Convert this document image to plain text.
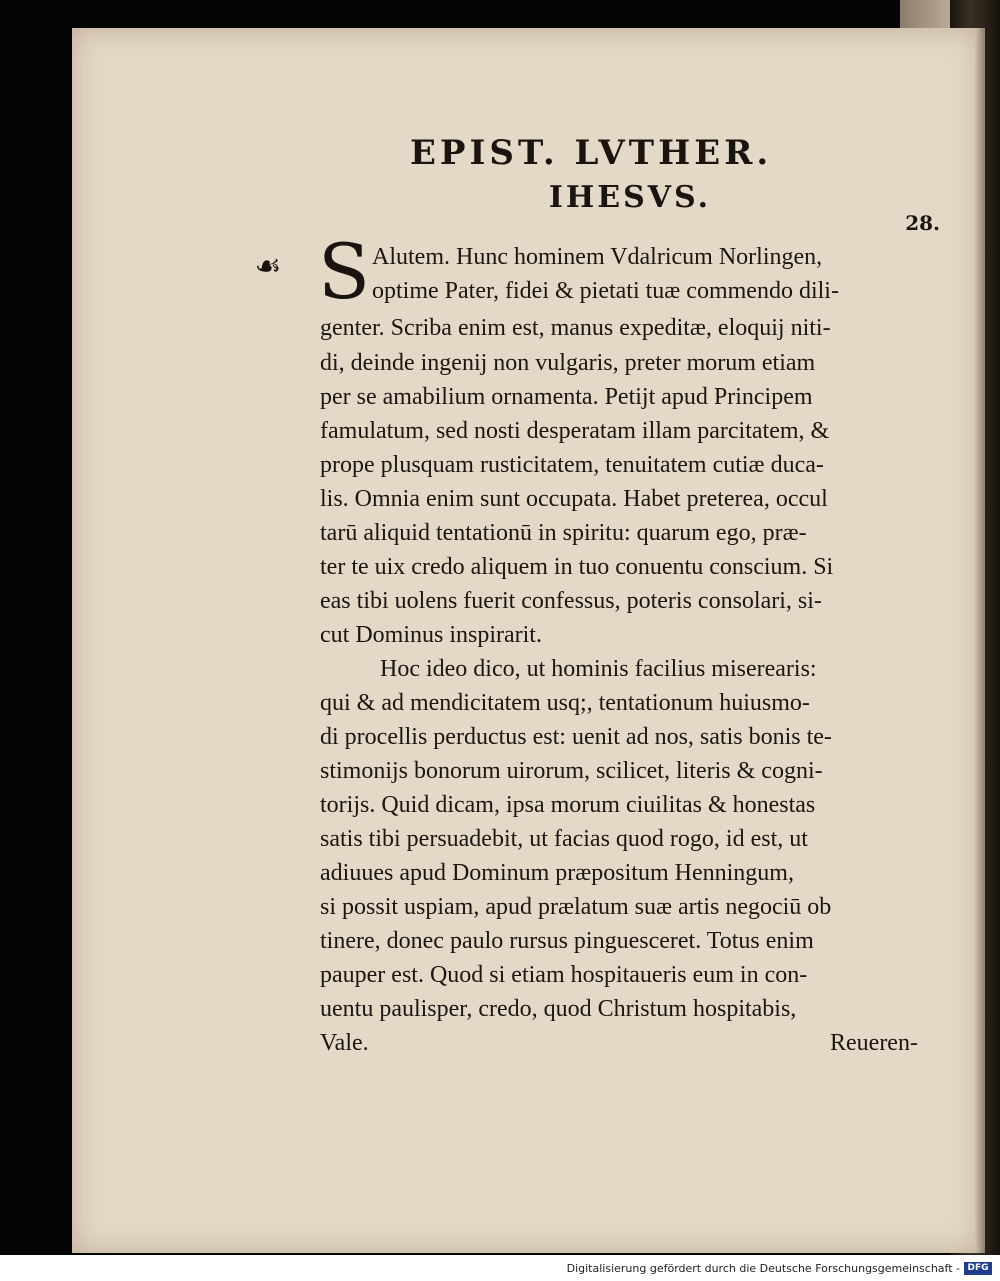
EPIST. LVTHER.
IHESVS.
28.
☙ S Alutem. Hunc hominem Vdalricum Norlingen,
optime Pater, fidei & pietati tuæ commendo dili-
genter. Scriba enim est, manus expeditæ, eloquij niti-
di, deinde ingenij non vulgaris, preter morum etiam
per se amabilium ornamenta. Petijt apud Principem
famulatum, sed nosti desperatam illam parcitatem, &
prope plusquam rusticitatem, tenuitatem cutiæ duca-
lis. Omnia enim sunt occupata. Habet preterea, occul
tarū aliquid tentationū in spiritu: quarum ego, præ-
ter te uix credo aliquem in tuo conuentu conscium. Si
eas tibi uolens fuerit confessus, poteris consolari, si-
cut Dominus inspirarit.
Hoc ideo dico, ut hominis facilius miserearis:
qui & ad mendicitatem usq;, tentationum huiusmo-
di procellis perductus est: uenit ad nos, satis bonis te-
stimonijs bonorum uirorum, scilicet, literis & cogni-
torijs. Quid dicam, ipsa morum ciuilitas & honestas
satis tibi persuadebit, ut facias quod rogo, id est, ut
adiuues apud Dominum præpositum Henningum,
si possit uspiam, apud prælatum suæ artis negociū ob
tinere, donec paulo rursus pinguesceret. Totus enim
pauper est. Quod si etiam hospitaueris eum in con-
uentu paulisper, credo, quod Christum hospitabis,
Vale.	Reueren-
Digitalisierung gefördert durch die Deutsche Forschungsgemeinschaft - DFG
